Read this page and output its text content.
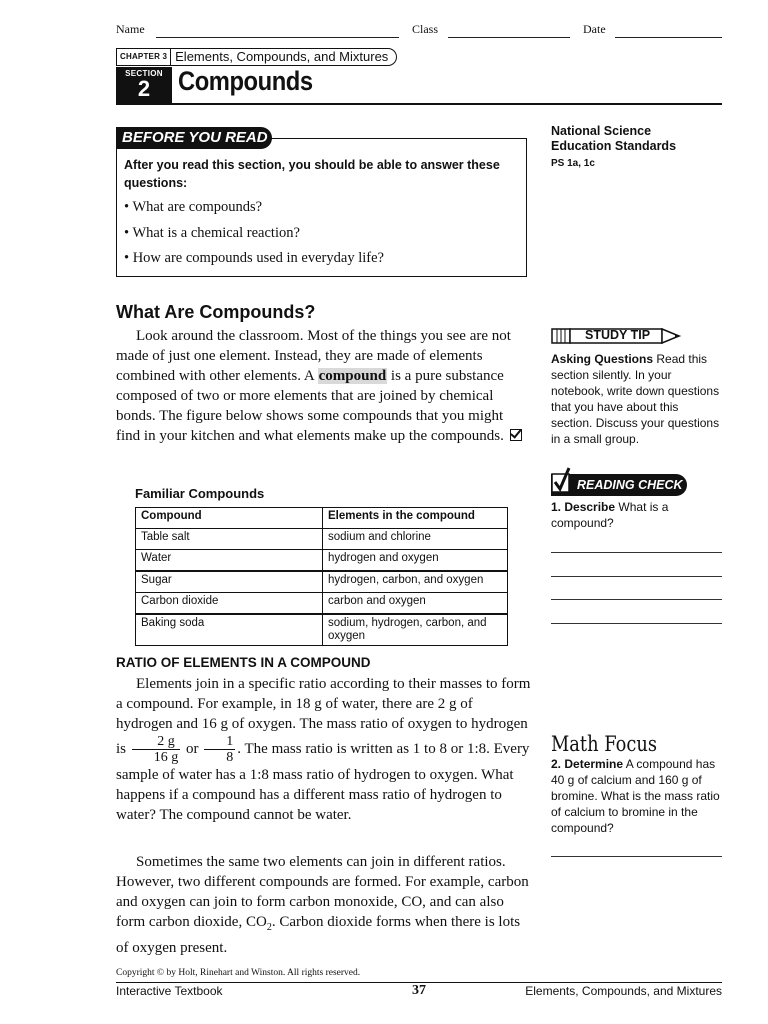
Name	Class	Date
CHAPTER 3 Elements, Compounds, and Mixtures
SECTION
2	Compounds
BEFORE YOU READ
After you read this section, you should be able to answer these questions:
• What are compounds?
• What is a chemical reaction?
• How are compounds used in everyday life?
National Science Education Standards
PS 1a, 1c
What Are Compounds?
Look around the classroom. Most of the things you see are not made of just one element. Instead, they are made of elements combined with other elements. A compound is a pure substance composed of two or more elements that are joined by chemical bonds. The figure below shows some compounds that you might find in your kitchen and what elements make up the compounds.
Familiar Compounds
Compound	Elements in the compound
Table salt	sodium and chlorine
Water	hydrogen and oxygen
Sugar	hydrogen, carbon, and oxygen
Carbon dioxide	carbon and oxygen
Baking soda	sodium, hydrogen, carbon, and oxygen
RATIO OF ELEMENTS IN A COMPOUND
Elements join in a specific ratio according to their masses to form a compound. For example, in 18 g of water, there are 2 g of hydrogen and 16 g of oxygen. The mass ratio of oxygen to hydrogen is $\frac{2 g}{16 g}$ or $\frac{1}{8}$ . The mass ratio is written as 1 to 8 or 1:8. Every sample of water has a 1:8 mass ratio of hydrogen to oxygen. What happens if a compound has a different mass ratio of hydrogen to water? The compound cannot be water.
Sometimes the same two elements can join in different ratios. However, two different compounds are formed. For example, carbon and oxygen can join to form carbon monoxide, CO, and can also form carbon dioxide, $CO_2$. Carbon dioxide forms when there is lots of oxygen present.
STUDY TIP
Asking Questions Read this section silently. In your notebook, write down questions that you have about this section. Discuss your questions in a small group.
READING CHECK
1. Describe What is a compound?
Math Focus
2. Determine A compound has 40 g of calcium and 160 g of bromine. What is the mass ratio of calcium to bromine in the compound?
Copyright © by Holt, Rinehart and Winston. All rights reserved.
Interactive Textbook	37	Elements, Compounds, and Mixtures
